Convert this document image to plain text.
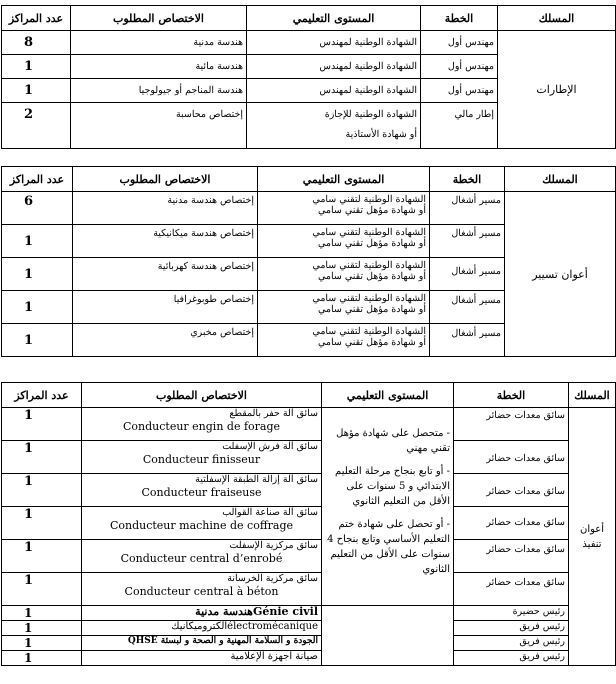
عدد المراكز	الاختصاص المطلوب	المستوى التعليمي	الخطة	المسلك
8	هندسة مدنية	الشهادة الوطنية لمهندس	مهندس أول	الإطارات
1	هندسة مائية	الشهادة الوطنية لمهندس	مهندس أول	
1	هندسة المناجم أو جيولوجيا	الشهادة الوطنية لمهندس	مهندس أول	
2	إختصاص محاسبة	الشهادة الوطنية للإجازة
أو شهادة الأستاذية	إطار مالي	
عدد المراكز	الاختصاص المطلوب	المستوى التعليمي	الخطة	المسلك
6	إختصاص هندسة مدنية	الشهادة الوطنية لتقني سامي
أو شهادة مؤهل تقني سامي	مسير أشغال	أعوان تسيير
1	إختصاص هندسة ميكانيكية	الشهادة الوطنية لتقني سامي
أو شهادة مؤهل تقني سامي	مسير أشغال	
1	إختصاص هندسة كهربائية	الشهادة الوطنية لتقني سامي
أو شهادة مؤهل تقني سامي	مسير أشغال	
1	إختصاص طوبوغرافيا	الشهادة الوطنية لتقني سامي
أو شهادة مؤهل تقني سامي	مسير أشغال	
1	إختصاص مخبري	الشهادة الوطنية لتقني سامي
أو شهادة مؤهل تقني سامي	مسير أشغال	
عدد المراكز	الاختصاص المطلوب	المستوى التعليمي	الخطة	المسلك
1	سائق آلة حفر بالمقطع
Conducteur engin de forage	- متحصل على شهادة مؤهل تقني مهني
- أو تابع بنجاح مرحلة التعليم الابتدائي و 5 سنوات على الأقل من التعليم الثانوي
- أو تحصل على شهادة ختم التعليم الأساسي وتابع بنجاح 4 سنوات على الأقل من التعليم الثانوي	سائق معدات حضائر	أعوان تنفيذ
1	سائق آلة فرش الإسفلت
Conducteur finisseur		سائق معدات حضائر	
1	سائق آلة إزالة الطبقة الإسفلتية
Conducteur fraiseuse		سائق معدات حضائر	
1	سائق آلة صناعة القوالب
Conducteur machine de coffrage		سائق معدات حضائر	
1	سائق مركزية الإسفلت
Conducteur central d’enrobé		سائق معدات حضائر	
1	سائق مركزية الخرسانة
Conducteur central à béton		سائق معدات حضائر	
1	Génie civilهندسة مدنية		رئيس حضيرة	
1	électromécaniqueالكتروميكانيك		رئيس فريق	
1	الجودة و السلامة المهنية و الصحة و لبسئة QHSE		رئيس فريق	
1	صيانة أجهزة الإعلامية		رئيس فريق	
